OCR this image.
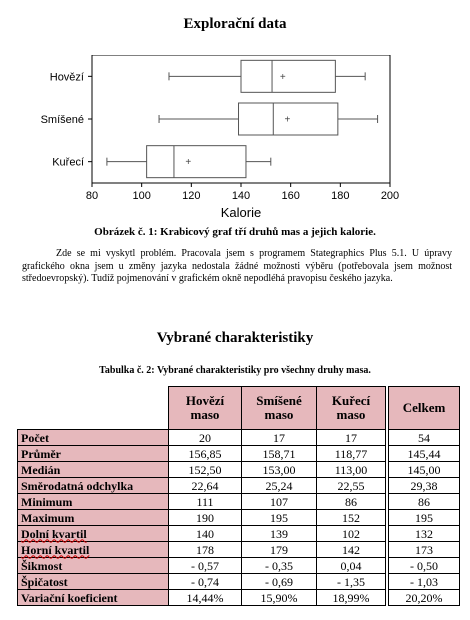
Explorační data
80	100	120	140	160	180	200
Kalorie
Hovězí	+
Smíšené	+
Kuřecí	+
Obrázek č. 1: Krabicový graf tří druhů mas a jejich kalorie.
Zde se mi vyskytl problém. Pracovala jsem s programem Stategraphics Plus 5.1. U úpravy grafického okna jsem u změny jazyka nedostala žádné možnosti výběru (potřebovala jsem možnost středoevropský). Tudíž pojmenování v grafickém okně nepodléhá pravopisu českého jazyka.
Vybrané charakteristiky
Tabulka č. 2: Vybrané charakteristiky pro všechny druhy masa.
	Hovězí maso	Smíšené maso	Kuřecí maso		Celkem
Počet	20	17	17		54
Průměr	156,85	158,71	118,77		145,44
Medián	152,50	153,00	113,00		145,00
Směrodatná odchylka	22,64	25,24	22,55		29,38
Minimum	111	107	86		86
Maximum	190	195	152		195
Dolní kvartil	140	139	102		132
Horní kvartil	178	179	142		173
Šikmost	- 0,57	- 0,35	0,04		- 0,50
Špičatost	- 0,74	- 0,69	- 1,35		- 1,03
Variační koeficient	14,44%	15,90%	18,99%		20,20%
